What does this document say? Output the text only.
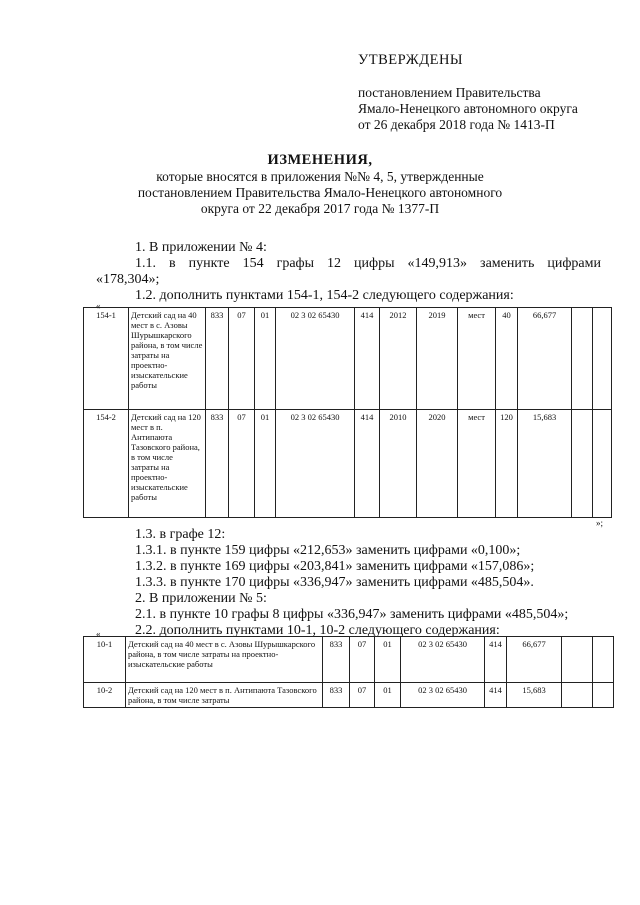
УТВЕРЖДЕНЫ
постановлением Правительства
Ямало-Ненецкого автономного округа
от 26 декабря 2018 года № 1413-П
ИЗМЕНЕНИЯ,
которые вносятся в приложения №№ 4, 5, утвержденные
постановлением Правительства Ямало-Ненецкого автономного
округа от 22 декабря 2017 года № 1377-П
1. В приложении № 4:
1.1. в пункте 154 графы 12 цифры «149,913» заменить цифрами
«178,304»;
1.2. дополнить пунктами 154-1, 154-2 следующего содержания:
«
154-1	Детский сад на 40 мест в с. Азовы Шурышкарского района, в том числе затраты на проектно-изыскательские работы	833	07	01	02 3 02 65430	414	2012	2019	мест	40	66,677		
154-2	Детский сад на 120 мест в п. Антипаюта Тазовского района, в том числе затраты на проектно-изыскательские работы	833	07	01	02 3 02 65430	414	2010	2020	мест	120	15,683		
»;
1.3. в графе 12:
1.3.1. в пункте 159 цифры «212,653» заменить цифрами «0,100»;
1.3.2. в пункте 169 цифры «203,841» заменить цифрами «157,086»;
1.3.3. в пункте 170 цифры «336,947» заменить цифрами «485,504».
2. В приложении № 5:
2.1. в пункте 10 графы 8 цифры «336,947» заменить цифрами «485,504»;
2.2. дополнить пунктами 10-1, 10-2 следующего содержания:
«
10-1	Детский сад на 40 мест в с. Азовы Шурышкарского района, в том числе затраты на проектно-изыскательские работы	833	07	01	02 3 02 65430	414	66,677		
10-2	Детский сад на 120 мест в п. Антипаюта Тазовского района, в том числе затраты	833	07	01	02 3 02 65430	414	15,683		
